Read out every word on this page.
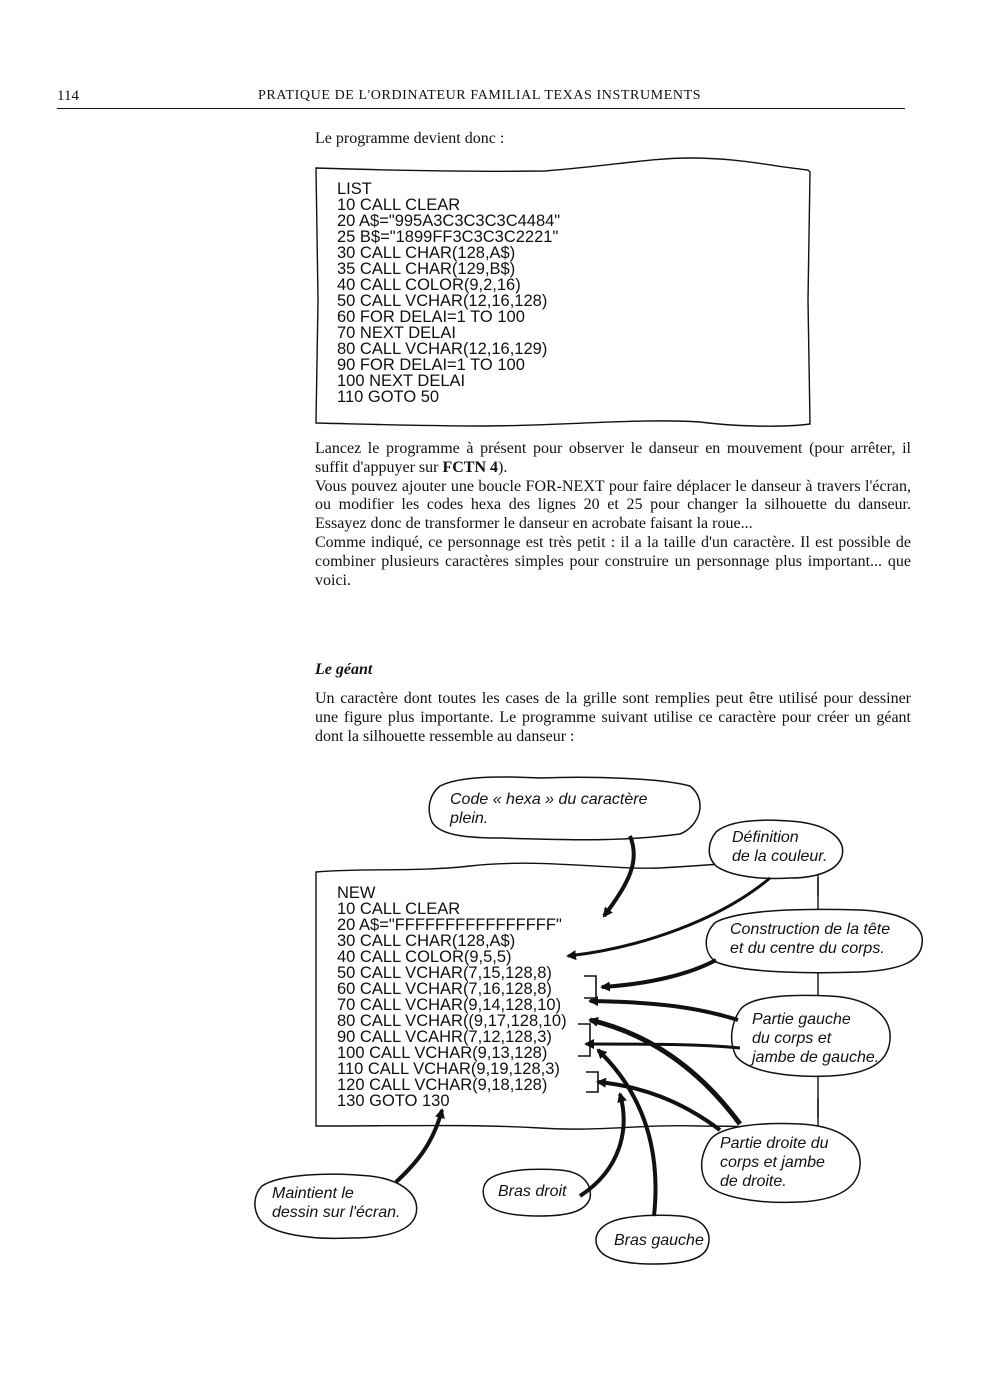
114	PRATIQUE DE L'ORDINATEUR FAMILIAL TEXAS INSTRUMENTS

Le programme devient donc :

LIST
10 CALL CLEAR
20 A$="995A3C3C3C3C4484"
25 B$="1899FF3C3C3C2221"
30 CALL CHAR(128,A$)
35 CALL CHAR(129,B$)
40 CALL COLOR(9,2,16)
50 CALL VCHAR(12,16,128)
60 FOR DELAI=1 TO 100
70 NEXT DELAI
80 CALL VCHAR(12,16,129)
90 FOR DELAI=1 TO 100
100 NEXT DELAI
110 GOTO 50

Lancez le programme à présent pour observer le danseur en mouvement (pour arrêter, il suffit d'appuyer sur FCTN 4).

Vous pouvez ajouter une boucle FOR-NEXT pour faire déplacer le danseur à travers l'écran, ou modifier les codes hexa des lignes 20 et 25 pour changer la silhouette du danseur. Essayez donc de transformer le danseur en acrobate faisant la roue...

Comme indiqué, ce personnage est très petit : il a la taille d'un caractère. Il est possible de combiner plusieurs caractères simples pour construire un personnage plus important... que voici.

Le géant

Un caractère dont toutes les cases de la grille sont remplies peut être utilisé pour dessiner une figure plus importante. Le programme suivant utilise ce caractère pour créer un géant dont la silhouette ressemble au danseur :

NEW
10 CALL CLEAR
20 A$="FFFFFFFFFFFFFFFF"
30 CALL CHAR(128,A$)
40 CALL COLOR(9,5,5)
50 CALL VCHAR(7,15,128,8)
60 CALL VCHAR(7,16,128,8)
70 CALL VCHAR(9,14,128,10)
80 CALL VCHAR((9,17,128,10)
90 CALL VCAHR(7,12,128,3)
100 CALL VCHAR(9,13,128)
110 CALL VCHAR(9,19,128,3)
120 CALL VCHAR(9,18,128)
130 GOTO 130

Code « hexa » du caractère
plein.

Définition
de la couleur.

Construction de la tête
et du centre du corps.

Partie gauche
du corps et
jambe de gauche.

Partie droite du
corps et jambe
de droite.

Maintient le
dessin sur l'écran.

Bras droit

Bras gauche
